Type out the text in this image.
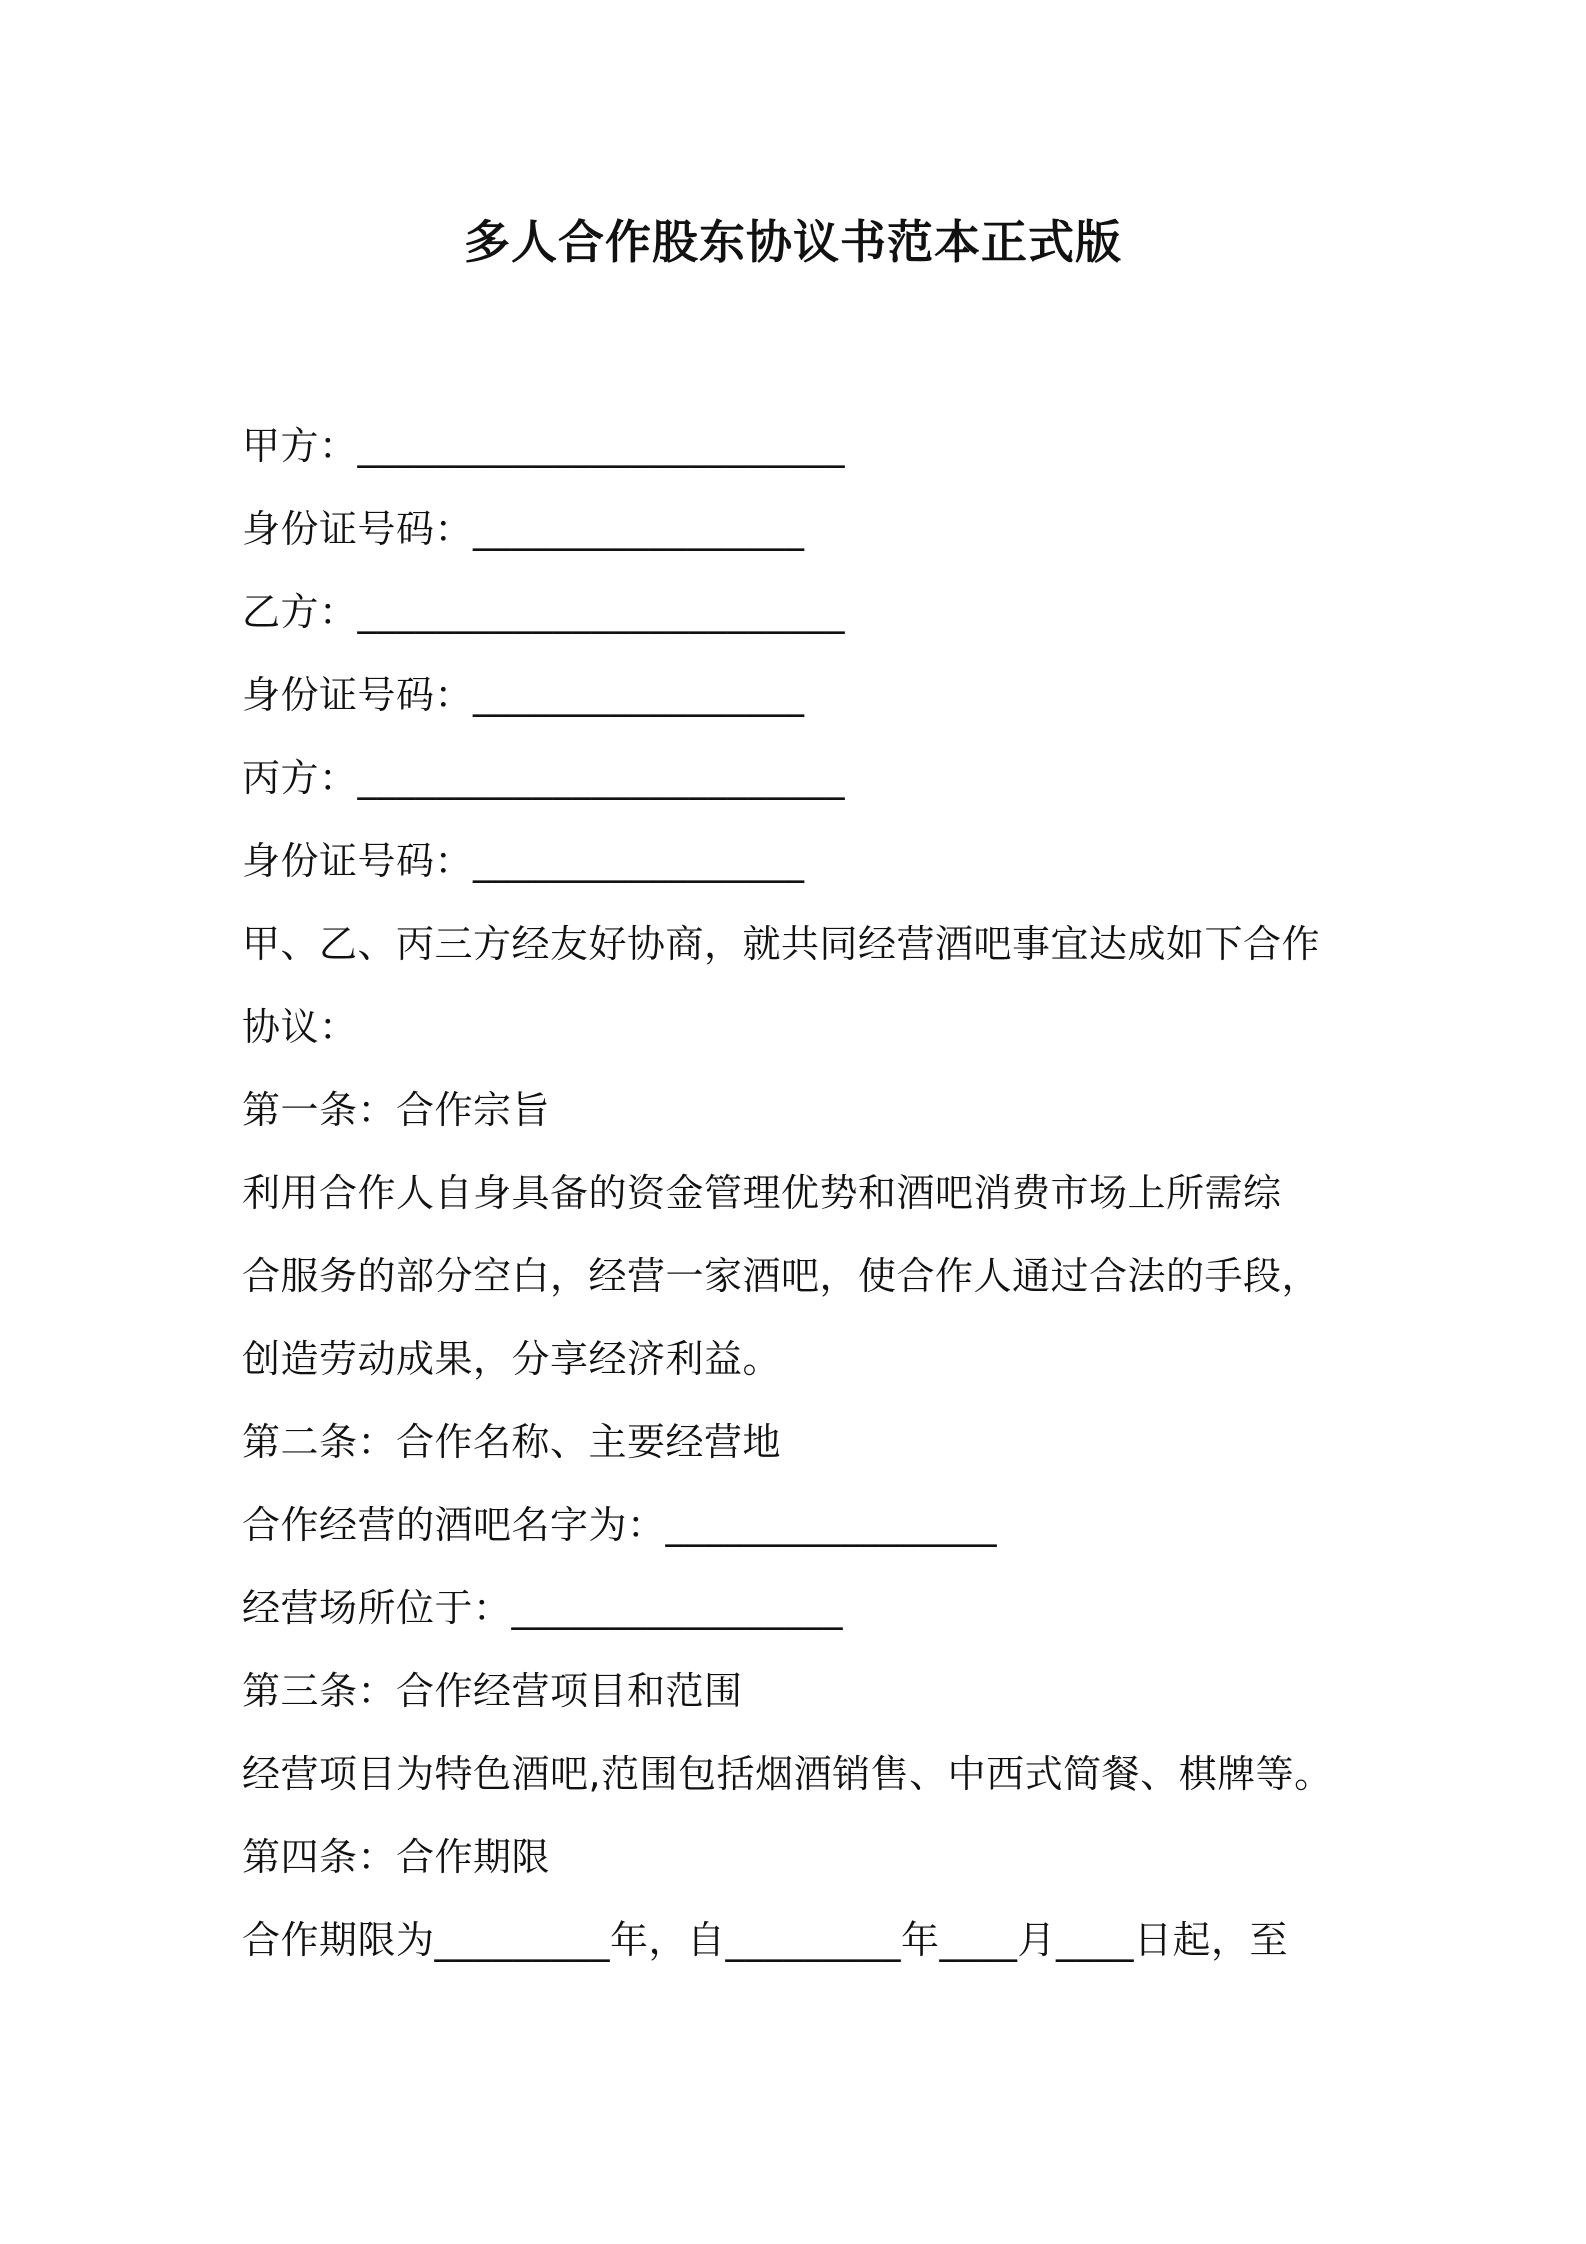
多人合作股东协议书范本正式版
甲方：_________________________
身份证号码：_________________
乙方：_________________________
身份证号码：_________________
丙方：_________________________
身份证号码：_________________
甲、乙、丙三方经友好协商，就共同经营酒吧事宜达成如下合作
协议：
第一条：合作宗旨
利用合作人自身具备的资金管理优势和酒吧消费市场上所需综
合服务的部分空白，经营一家酒吧，使合作人通过合法的手段，
创造劳动成果，分享经济利益。
第二条：合作名称、主要经营地
合作经营的酒吧名字为：_________________
经营场所位于：_________________
第三条：合作经营项目和范围
经营项目为特色酒吧,范围包括烟酒销售、中西式简餐、棋牌等。
第四条：合作期限
合作期限为_________年，自_________年____月____日起，至
